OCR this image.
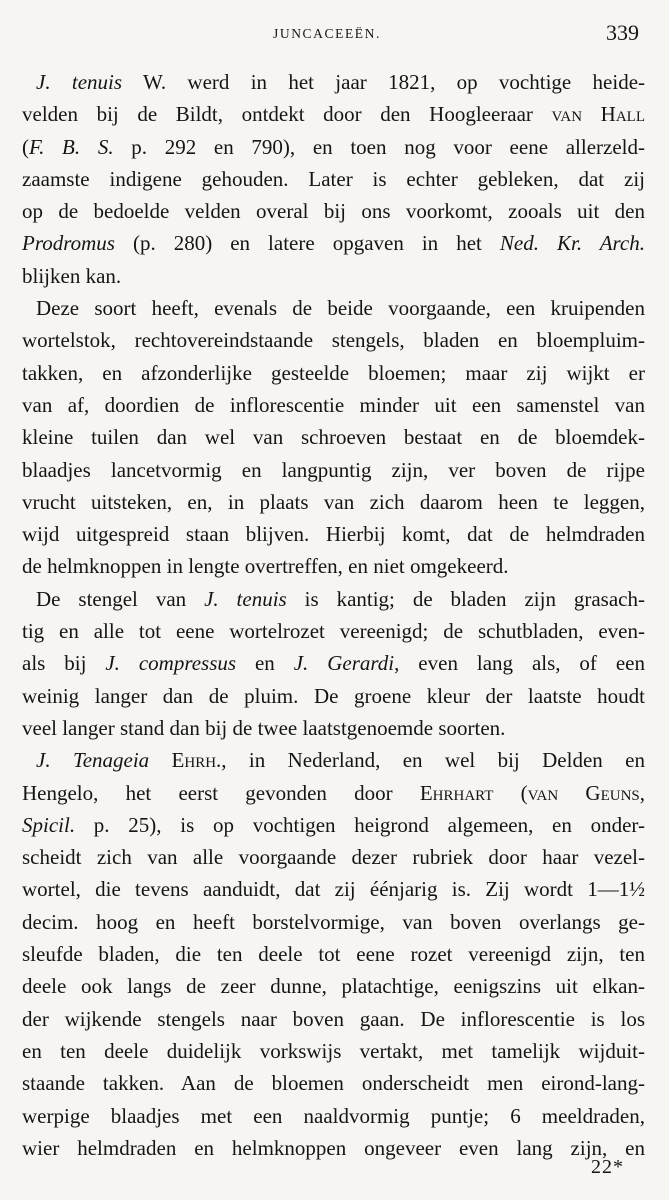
JUNCACEEËN.	339
J. tenuis W. werd in het jaar 1821, op vochtige heide-
velden bij de Bildt, ontdekt door den Hoogleeraar van Hall
(F. B. S. p. 292 en 790), en toen nog voor eene allerzeld-
zaamste indigene gehouden. Later is echter gebleken, dat zij
op de bedoelde velden overal bij ons voorkomt, zooals uit den
Prodromus (p. 280) en latere opgaven in het Ned. Kr. Arch.
blijken kan.
Deze soort heeft, evenals de beide voorgaande, een kruipenden
wortelstok, rechtovereindstaande stengels, bladen en bloempluim-
takken, en afzonderlijke gesteelde bloemen; maar zij wijkt er
van af, doordien de inflorescentie minder uit een samenstel van
kleine tuilen dan wel van schroeven bestaat en de bloemdek-
blaadjes lancetvormig en langpuntig zijn, ver boven de rijpe
vrucht uitsteken, en, in plaats van zich daarom heen te leggen,
wijd uitgespreid staan blijven. Hierbij komt, dat de helmdraden
de helmknoppen in lengte overtreffen, en niet omgekeerd.
De stengel van J. tenuis is kantig; de bladen zijn grasach-
tig en alle tot eene wortelrozet vereenigd; de schutbladen, even-
als bij J. compressus en J. Gerardi, even lang als, of een
weinig langer dan de pluim. De groene kleur der laatste houdt
veel langer stand dan bij de twee laatstgenoemde soorten.
J. Tenageia Ehrh., in Nederland, en wel bij Delden en
Hengelo, het eerst gevonden door Ehrhart (van Geuns,
Spicil. p. 25), is op vochtigen heigrond algemeen, en onder-
scheidt zich van alle voorgaande dezer rubriek door haar vezel-
wortel, die tevens aanduidt, dat zij éénjarig is. Zij wordt 1—1½
decim. hoog en heeft borstelvormige, van boven overlangs ge-
sleufde bladen, die ten deele tot eene rozet vereenigd zijn, ten
deele ook langs de zeer dunne, platachtige, eenigszins uit elkan-
der wijkende stengels naar boven gaan. De inflorescentie is los
en ten deele duidelijk vorkswijs vertakt, met tamelijk wijduit-
staande takken. Aan de bloemen onderscheidt men eirond-lang-
werpige blaadjes met een naaldvormig puntje; 6 meeldraden,
wier helmdraden en helmknoppen ongeveer even lang zijn, en
22*
